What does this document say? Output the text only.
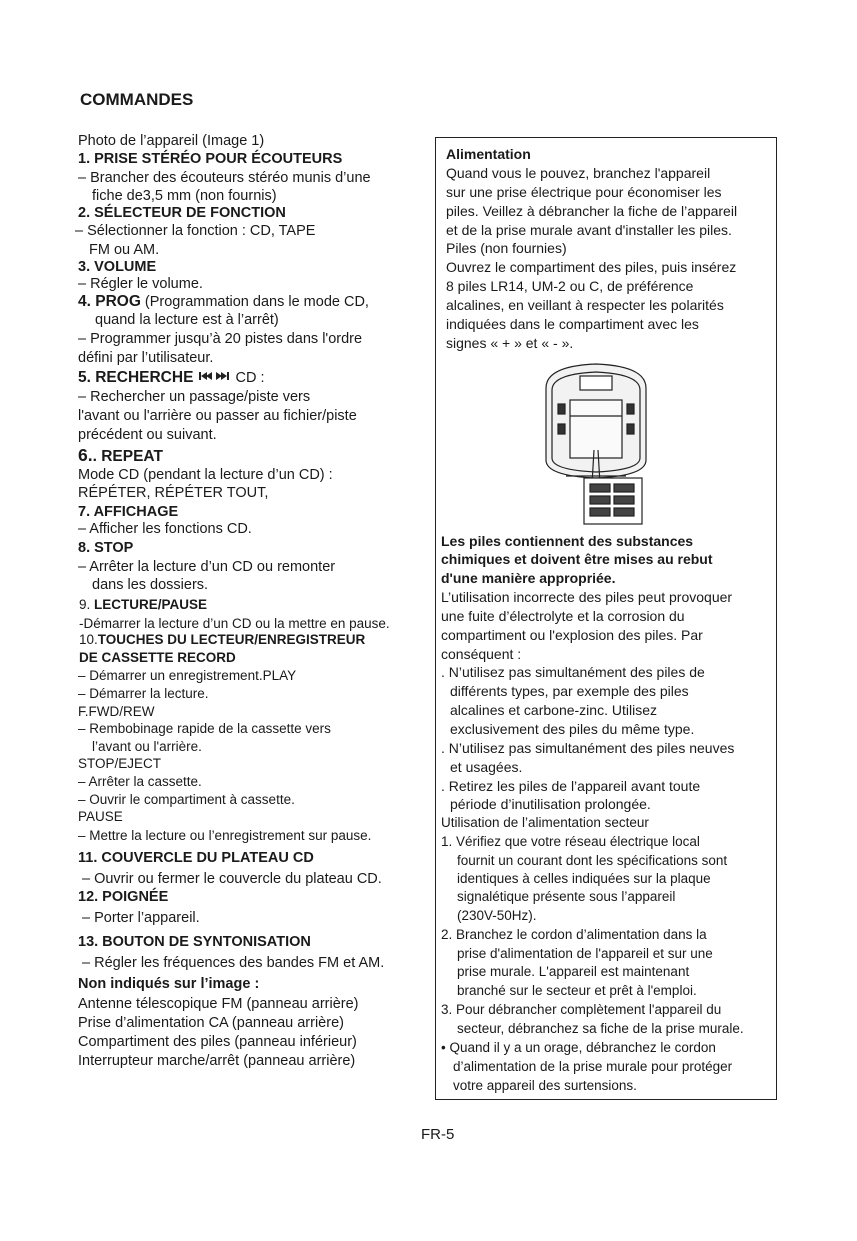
COMMANDES
Photo de l’appareil (Image 1)
1. PRISE STÉRÉO POUR ÉCOUTEURS
– Brancher des écouteurs stéréo munis d’une
fiche de3,5 mm (non fournis)
2. SÉLECTEUR DE FONCTION
– Sélectionner la fonction : CD, TAPE
FM ou AM.
3. VOLUME
– Régler le volume.
4. PROG (Programmation dans le mode CD,
quand la lecture est à l’arrêt)
– Programmer jusqu’à 20 pistes dans l'ordre
défini par l’utilisateur.
5. RECHERCHE	CD :
– Rechercher un passage/piste vers
l'avant ou l'arrière ou passer au fichier/piste
précédent ou suivant.
6.. REPEAT
Mode CD (pendant la lecture d’un CD) :
RÉPÉTER, RÉPÉTER TOUT,
7. AFFICHAGE
– Afficher les fonctions CD.
8. STOP
– Arrêter la lecture d’un CD ou remonter
dans les dossiers.
9. LECTURE/PAUSE
-Démarrer la lecture d’un CD ou la mettre en pause.
10.TOUCHES DU LECTEUR/ENREGISTREUR
DE CASSETTE RECORD
– Démarrer un enregistrement.PLAY
– Démarrer la lecture.
F.FWD/REW
– Rembobinage rapide de la cassette vers
l’avant ou l'arrière.
STOP/EJECT
– Arrêter la cassette.
– Ouvrir le compartiment à cassette.
PAUSE
– Mettre la lecture ou l’enregistrement sur pause.
11. COUVERCLE DU PLATEAU CD
– Ouvrir ou fermer le couvercle du plateau CD.
12. POIGNÉE
– Porter l’appareil.
13. BOUTON DE SYNTONISATION
– Régler les fréquences des bandes FM et AM.
Non indiqués sur l’image :
Antenne télescopique FM (panneau arrière)
Prise d’alimentation CA (panneau arrière)
Compartiment des piles (panneau inférieur)
Interrupteur marche/arrêt (panneau arrière)
Alimentation
Quand vous le pouvez, branchez l'appareil
sur une prise électrique pour économiser les
piles. Veillez à débrancher la fiche de l’appareil
et de la prise murale avant d'installer les piles.
Piles (non fournies)
Ouvrez le compartiment des piles, puis insérez
8 piles LR14, UM-2 ou C, de préférence
alcalines, en veillant à respecter les polarités
indiquées dans le compartiment avec les
signes « + » et « - ».
Les piles contiennent des substances
chimiques et doivent être mises au rebut
d'une manière appropriée.
L’utilisation incorrecte des piles peut provoquer
une fuite d’électrolyte et la corrosion du
compartiment ou l'explosion des piles. Par
conséquent :
. N’utilisez pas simultanément des piles de
différents types, par exemple des piles
alcalines et carbone-zinc. Utilisez
exclusivement des piles du même type.
. N’utilisez pas simultanément des piles neuves
et usagées.
. Retirez les piles de l’appareil avant toute
période d’inutilisation prolongée.
Utilisation de l’alimentation secteur
1. Vérifiez que votre réseau électrique local
fournit un courant dont les spécifications sont
identiques à celles indiquées sur la plaque
signalétique présente sous l’appareil
(230V-50Hz).
2. Branchez le cordon d’alimentation dans la
prise d'alimentation de l'appareil et sur une
prise murale. L'appareil est maintenant
branché sur le secteur et prêt à l'emploi.
3. Pour débrancher complètement l'appareil du
secteur, débranchez sa fiche de la prise murale.
• Quand il y a un orage, débranchez le cordon
d’alimentation de la prise murale pour protéger
votre appareil des surtensions.
FR-5
